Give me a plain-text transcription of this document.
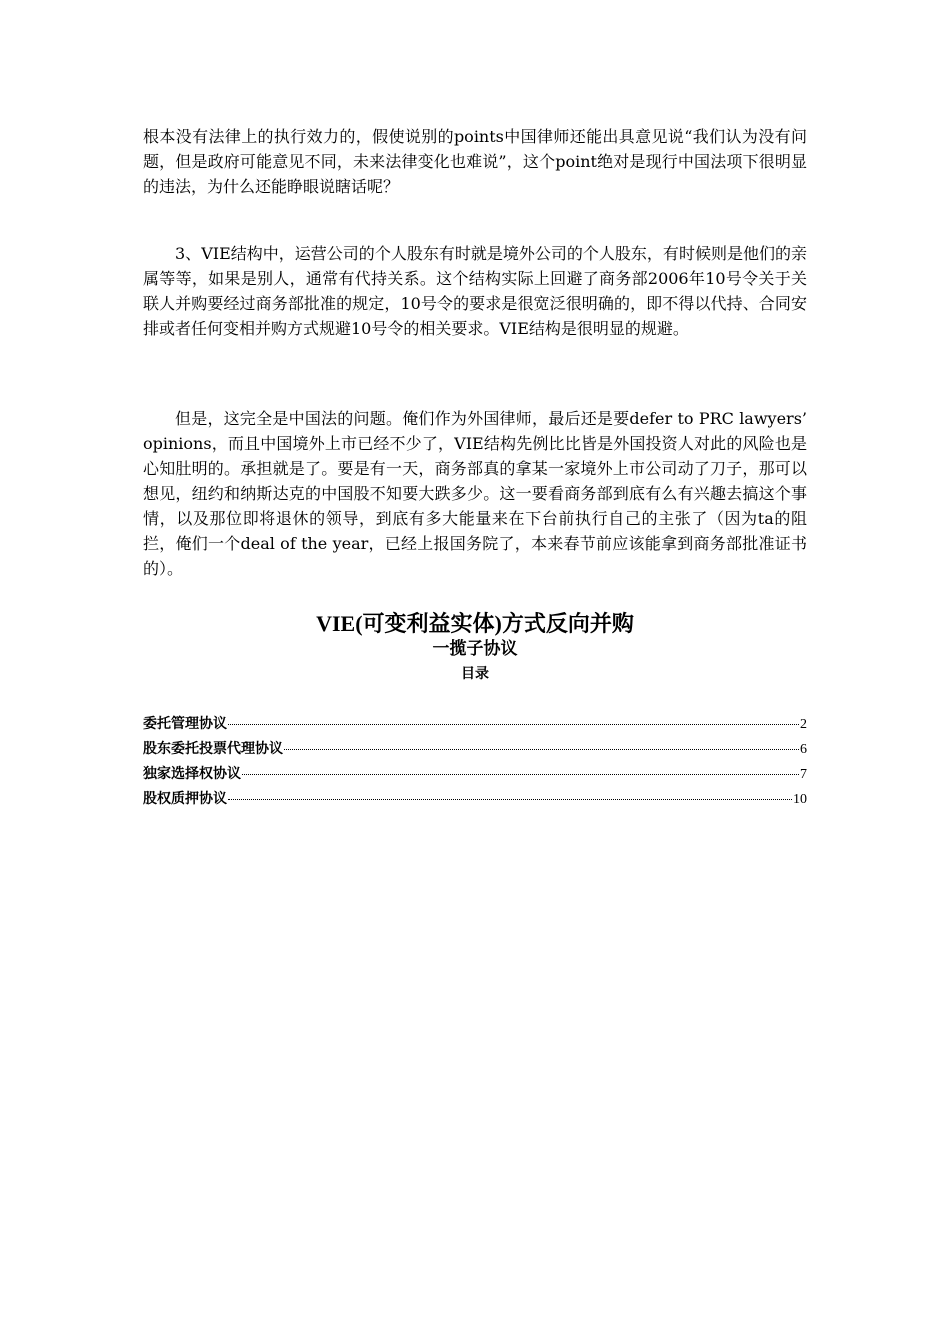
根本没有法律上的执行效力的，假使说别的points中国律师还能出具意见说“我们认为没有问题，但是政府可能意见不同，未来法律变化也难说”，这个point绝对是现行中国法项下很明显的违法，为什么还能睁眼说瞎话呢？

3、VIE结构中，运营公司的个人股东有时就是境外公司的个人股东，有时候则是他们的亲属等等，如果是别人，通常有代持关系。这个结构实际上回避了商务部2006年10号令关于关联人并购要经过商务部批准的规定，10号令的要求是很宽泛很明确的，即不得以代持、合同安排或者任何变相并购方式规避10号令的相关要求。VIE结构是很明显的规避。

但是，这完全是中国法的问题。俺们作为外国律师，最后还是要defer to PRC lawyers’ opinions，而且中国境外上市已经不少了，VIE结构先例比比皆是外国投资人对此的风险也是心知肚明的。承担就是了。要是有一天，商务部真的拿某一家境外上市公司动了刀子，那可以想见，纽约和纳斯达克的中国股不知要大跌多少。这一要看商务部到底有么有兴趣去搞这个事情，以及那位即将退休的领导，到底有多大能量来在下台前执行自己的主张了（因为ta的阻拦，俺们一个deal of the year，已经上报国务院了，本来春节前应该能拿到商务部批准证书的）。

VIE(可变利益实体)方式反向并购
一揽子协议
目录
委托管理协议	2
股东委托投票代理协议	6
独家选择权协议	7
股权质押协议	10
